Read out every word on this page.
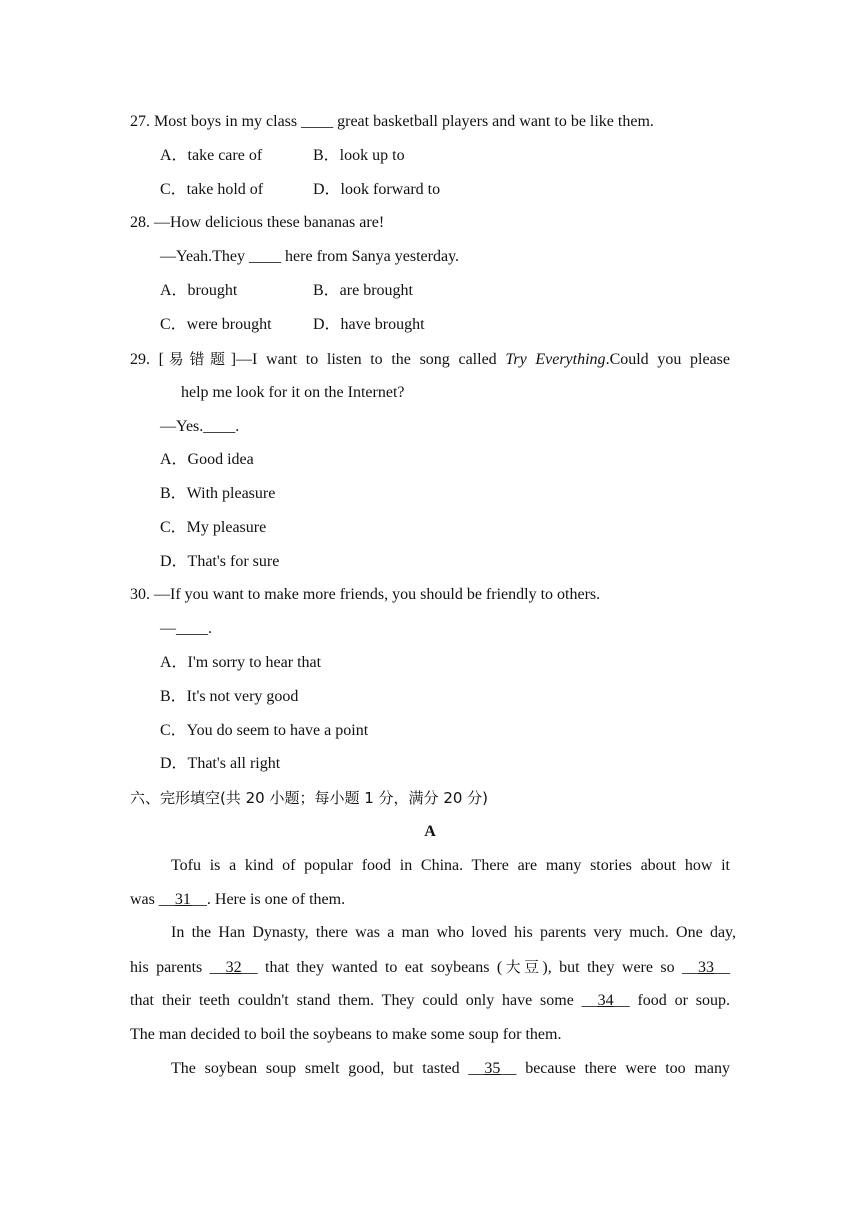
27. Most boys in my class ____ great basketball players and want to be like them.
A．take care of	B．look up to
C．take hold of	D．look forward to
28. —How delicious these bananas are!
—Yeah.They ____ here from Sanya yesterday.
A．brought	B．are brought
C．were brought	D．have brought
29. [易错题]—I want to listen to the song called Try Everything.Could you please
help me look for it on the Internet?
—Yes.____.
A．Good idea
B．With pleasure
C．My pleasure
D．That's for sure
30. —If you want to make more friends, you should be friendly to others.
—____.
A．I'm sorry to hear that
B．It's not very good
C．You do seem to have a point
D．That's all right
六、完形填空(共 20 小题；每小题 1 分，满分 20 分)
A
Tofu is a kind of popular food in China. There are many stories about how it
was __31__. Here is one of them.
In the Han Dynasty, there was a man who loved his parents very much. One day,
his parents __32__ that they wanted to eat soybeans (大豆), but they were so __33__
that their teeth couldn't stand them. They could only have some __34__ food or soup.
The man decided to boil the soybeans to make some soup for them.
The soybean soup smelt good, but tasted __35__ because there were too many
